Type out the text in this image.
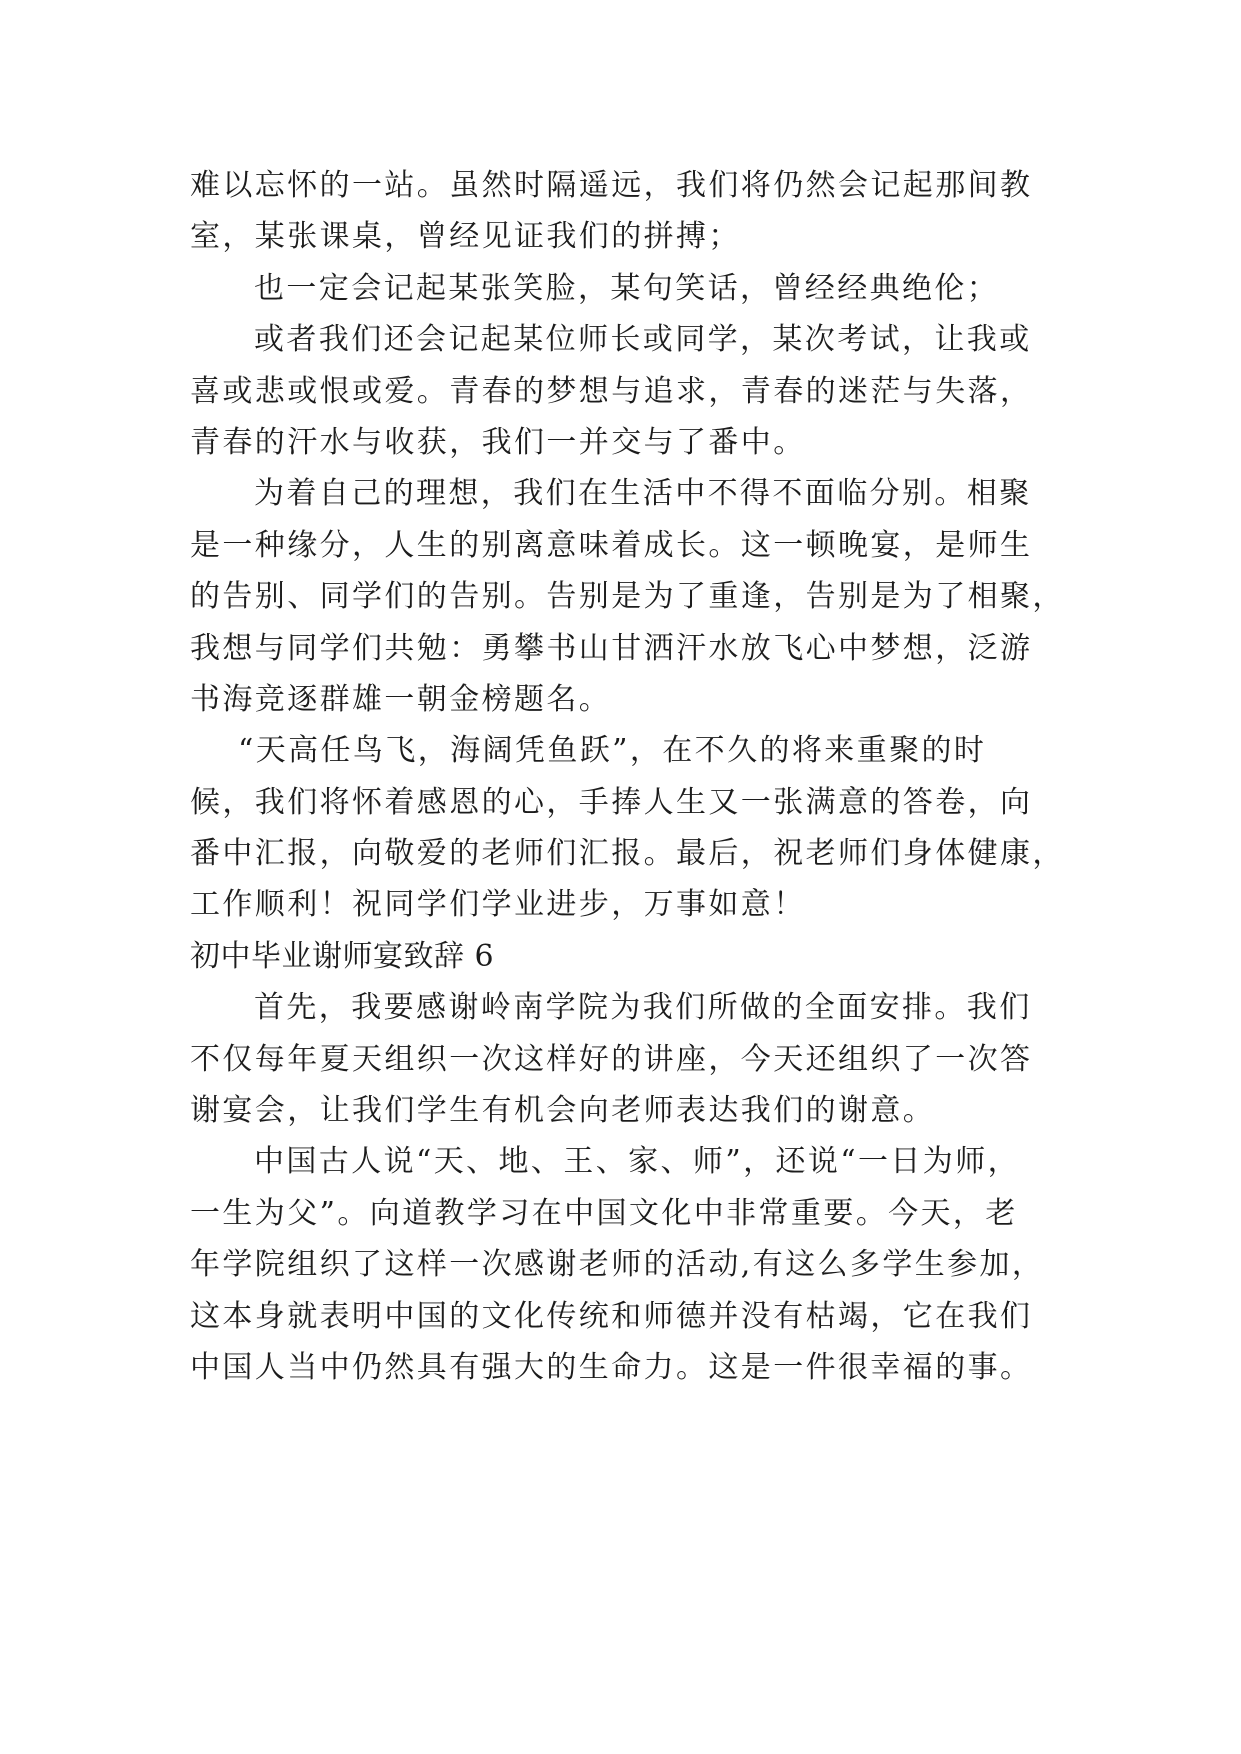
难以忘怀的一站。虽然时隔遥远，我们将仍然会记起那间教
室，某张课桌，曾经见证我们的拼搏；
也一定会记起某张笑脸，某句笑话，曾经经典绝伦；
或者我们还会记起某位师长或同学，某次考试，让我或
喜或悲或恨或爱。青春的梦想与追求，青春的迷茫与失落，
青春的汗水与收获，我们一并交与了番中。
为着自己的理想，我们在生活中不得不面临分别。相聚
是一种缘分，人生的别离意味着成长。这一顿晚宴，是师生
的告别、同学们的告别。告别是为了重逢，告别是为了相聚，
我想与同学们共勉：勇攀书山甘洒汗水放飞心中梦想，泛游
书海竞逐群雄一朝金榜题名。
“天高任鸟飞，海阔凭鱼跃”，在不久的将来重聚的时
候，我们将怀着感恩的心，手捧人生又一张满意的答卷，向
番中汇报，向敬爱的老师们汇报。最后，祝老师们身体健康，
工作顺利！祝同学们学业进步，万事如意！
初中毕业谢师宴致辞 6
首先，我要感谢岭南学院为我们所做的全面安排。我们
不仅每年夏天组织一次这样好的讲座，今天还组织了一次答
谢宴会，让我们学生有机会向老师表达我们的谢意。
中国古人说“天、地、王、家、师”，还说“一日为师，
一生为父”。向道教学习在中国文化中非常重要。今天，老
年学院组织了这样一次感谢老师的活动,有这么多学生参加，
这本身就表明中国的文化传统和师德并没有枯竭，它在我们
中国人当中仍然具有强大的生命力。这是一件很幸福的事。
